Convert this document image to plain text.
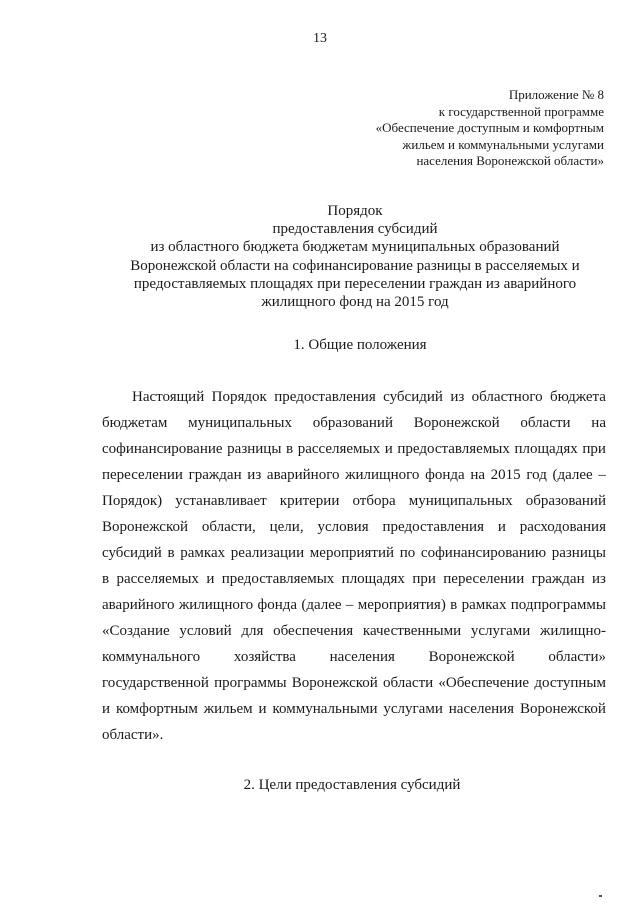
13
Приложение № 8
к государственной программе
«Обеспечение доступным и комфортным
жильем и коммунальными услугами
населения Воронежской области»
Порядок
предоставления субсидий
из областного бюджета бюджетам муниципальных образований
Воронежской области на софинансирование разницы в расселяемых и
предоставляемых площадях при переселении граждан из аварийного
жилищного фонд на 2015 год
1. Общие положения
Настоящий Порядок предоставления субсидий из областного бюджета
бюджетам муниципальных образований Воронежской области на
софинансирование разницы в расселяемых и предоставляемых площадях при
переселении граждан из аварийного жилищного фонда на 2015 год (далее –
Порядок) устанавливает критерии отбора муниципальных образований
Воронежской области, цели, условия предоставления и расходования
субсидий в рамках реализации мероприятий по софинансированию разницы
в расселяемых и предоставляемых площадях при переселении граждан из
аварийного жилищного фонда (далее – мероприятия) в рамках подпрограммы
«Создание условий для обеспечения качественными услугами жилищно-
коммунального хозяйства населения Воронежской области»
государственной программы Воронежской области «Обеспечение доступным
и комфортным жильем и коммунальными услугами населения Воронежской
области».
2. Цели предоставления субсидий
